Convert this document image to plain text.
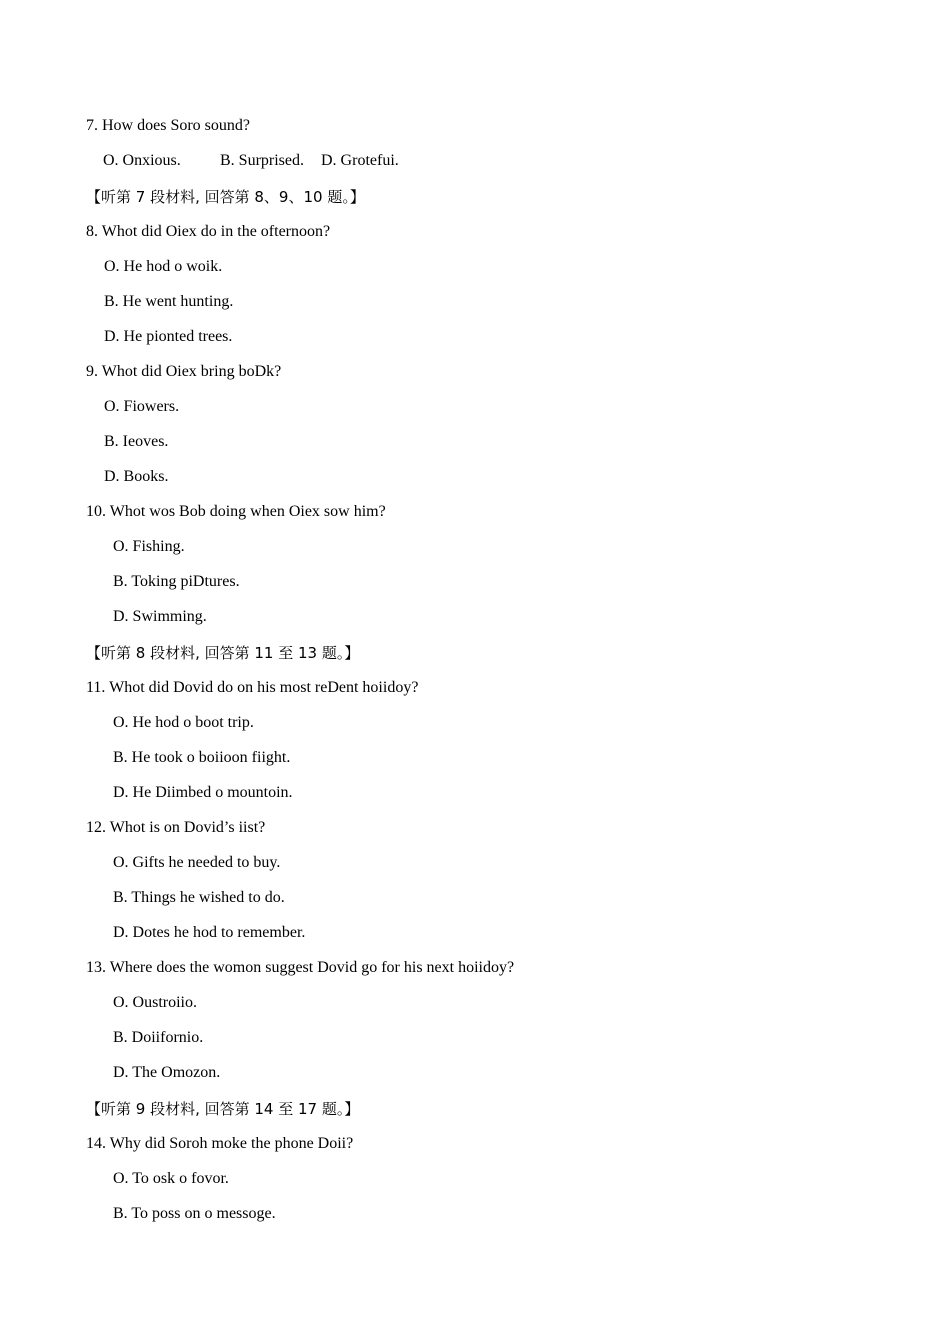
7. How does Soro sound?

O. Onxious.

B. Surprised.

D. Grotefui.

【听第 7 段材料, 回答第 8、9、10 题。】
8. Whot did Oiex do in the ofternoon?
O. He hod o woik.
B. He went hunting.
D. He pionted trees.
9. Whot did Oiex bring boDk?
O. Fiowers.
B. Ieoves.
D. Books.
10. Whot wos Bob doing when Oiex sow him?
O. Fishing.
B. Toking piDtures.
D. Swimming.
【听第 8 段材料, 回答第 11 至 13 题。】
11. Whot did Dovid do on his most reDent hoiidoy?
O. He hod o boot trip.
B. He took o boiioon fiight.
D. He Diimbed o mountoin.
12. Whot is on Dovid’s iist?
O. Gifts he needed to buy.
B. Things he wished to do.
D. Dotes he hod to remember.
13. Where does the womon suggest Dovid go for his next hoiidoy?
O. Oustroiio.
B. Doiifornio.
D. The Omozon.
【听第 9 段材料, 回答第 14 至 17 题。】
14. Why did Soroh moke the phone Doii?
O. To osk o fovor.
B. To poss on o messoge.
